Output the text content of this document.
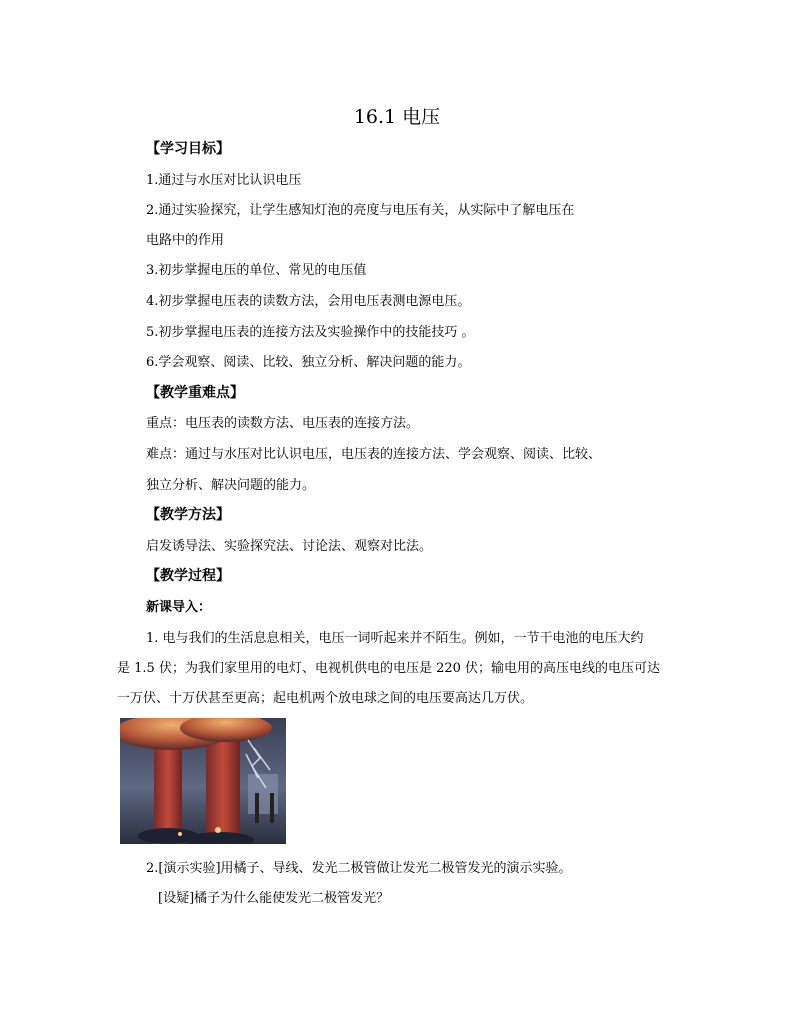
16.1 电压
【学习目标】
1.通过与水压对比认识电压
2.通过实验探究，让学生感知灯泡的亮度与电压有关，从实际中了解电压在
电路中的作用
3.初步掌握电压的单位、常见的电压值
4.初步掌握电压表的读数方法，会用电压表测电源电压。
5.初步掌握电压表的连接方法及实验操作中的技能技巧 。
6.学会观察、阅读、比较、独立分析、解决问题的能力。
【教学重难点】
重点：电压表的读数方法、电压表的连接方法。
难点：通过与水压对比认识电压，电压表的连接方法、学会观察、阅读、比较、
独立分析、解决问题的能力。
【教学方法】
启发诱导法、实验探究法、讨论法、观察对比法。
【教学过程】
新课导入：
1. 电与我们的生活息息相关，电压一词听起来并不陌生。例如，一节干电池的电压大约
是 1.5 伏；为我们家里用的电灯、电视机供电的电压是 220 伏；输电用的高压电线的电压可达
一万伏、十万伏甚至更高；起电机两个放电球之间的电压要高达几万伏。
2.[演示实验]用橘子、导线、发光二极管做让发光二极管发光的演示实验。
[设疑]橘子为什么能使发光二极管发光？
